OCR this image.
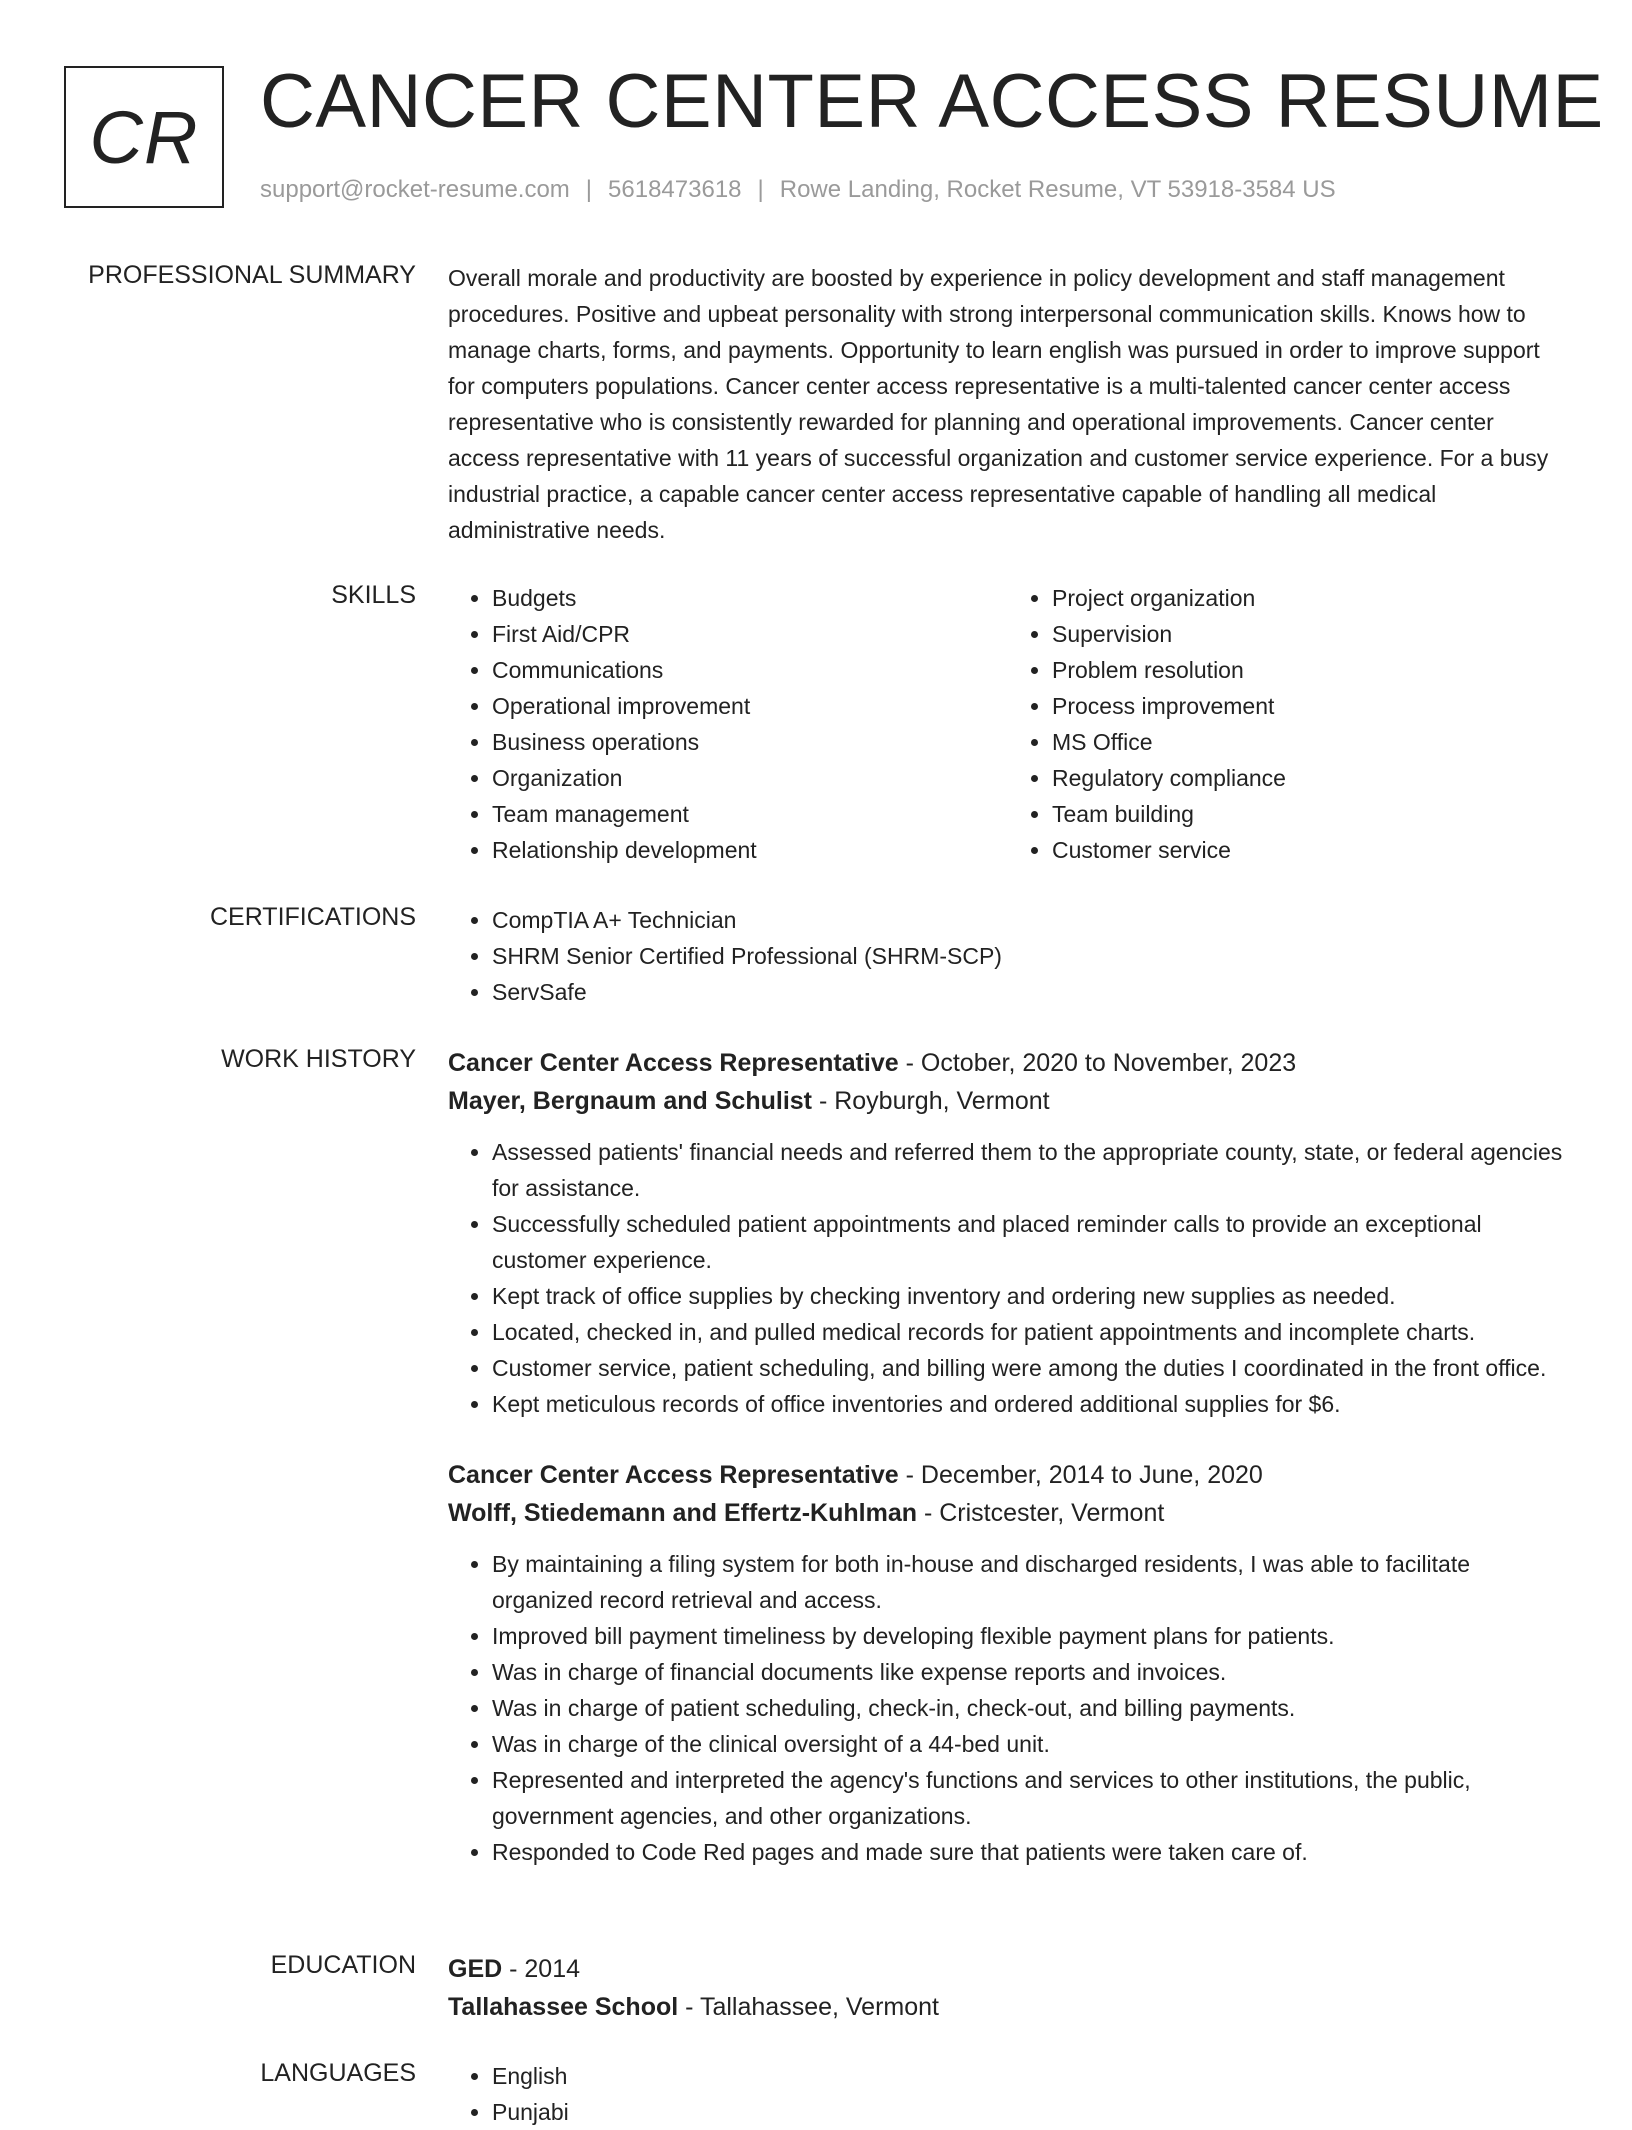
CR CANCER CENTER ACCESS RESUME
support@rocket-resume.com | 5618473618 | Rowe Landing, Rocket Resume, VT 53918-3584 US
PROFESSIONAL SUMMARY Overall morale and productivity are boosted by experience in policy development and staff management procedures. Positive and upbeat personality with strong interpersonal communication skills. Knows how to manage charts, forms, and payments. Opportunity to learn english was pursued in order to improve support for computers populations. Cancer center access representative is a multi-talented cancer center access representative who is consistently rewarded for planning and operational improvements. Cancer center access representative with 11 years of successful organization and customer service experience. For a busy industrial practice, a capable cancer center access representative capable of handling all medical administrative needs.

SKILLS	• Budgets
• First Aid/CPR
• Communications
• Operational improvement
• Business operations
• Organization
• Team management
• Relationship development
• Project organization
• Supervision
• Problem resolution
• Process improvement
• MS Office
• Regulatory compliance
• Team building
• Customer service
CERTIFICATIONS	• CompTIA A+ Technician
• SHRM Senior Certified Professional (SHRM-SCP)
• ServSafe
WORK HISTORY Cancer Center Access Representative - October, 2020 to November, 2023
Mayer, Bergnaum and Schulist - Royburgh, Vermont
• Assessed patients' financial needs and referred them to the appropriate county, state, or federal agencies for assistance.
• Successfully scheduled patient appointments and placed reminder calls to provide an exceptional customer experience.
• Kept track of office supplies by checking inventory and ordering new supplies as needed.
• Located, checked in, and pulled medical records for patient appointments and incomplete charts.
• Customer service, patient scheduling, and billing were among the duties I coordinated in the front office.
• Kept meticulous records of office inventories and ordered additional supplies for $6.
Cancer Center Access Representative - December, 2014 to June, 2020
Wolff, Stiedemann and Effertz-Kuhlman - Cristcester, Vermont
• By maintaining a filing system for both in-house and discharged residents, I was able to facilitate organized record retrieval and access.
• Improved bill payment timeliness by developing flexible payment plans for patients.
• Was in charge of financial documents like expense reports and invoices.
• Was in charge of patient scheduling, check-in, check-out, and billing payments.
• Was in charge of the clinical oversight of a 44-bed unit.
• Represented and interpreted the agency's functions and services to other institutions, the public, government agencies, and other organizations.
• Responded to Code Red pages and made sure that patients were taken care of.
EDUCATION GED - 2014
Tallahassee School - Tallahassee, Vermont
LANGUAGES	• English
• Punjabi
